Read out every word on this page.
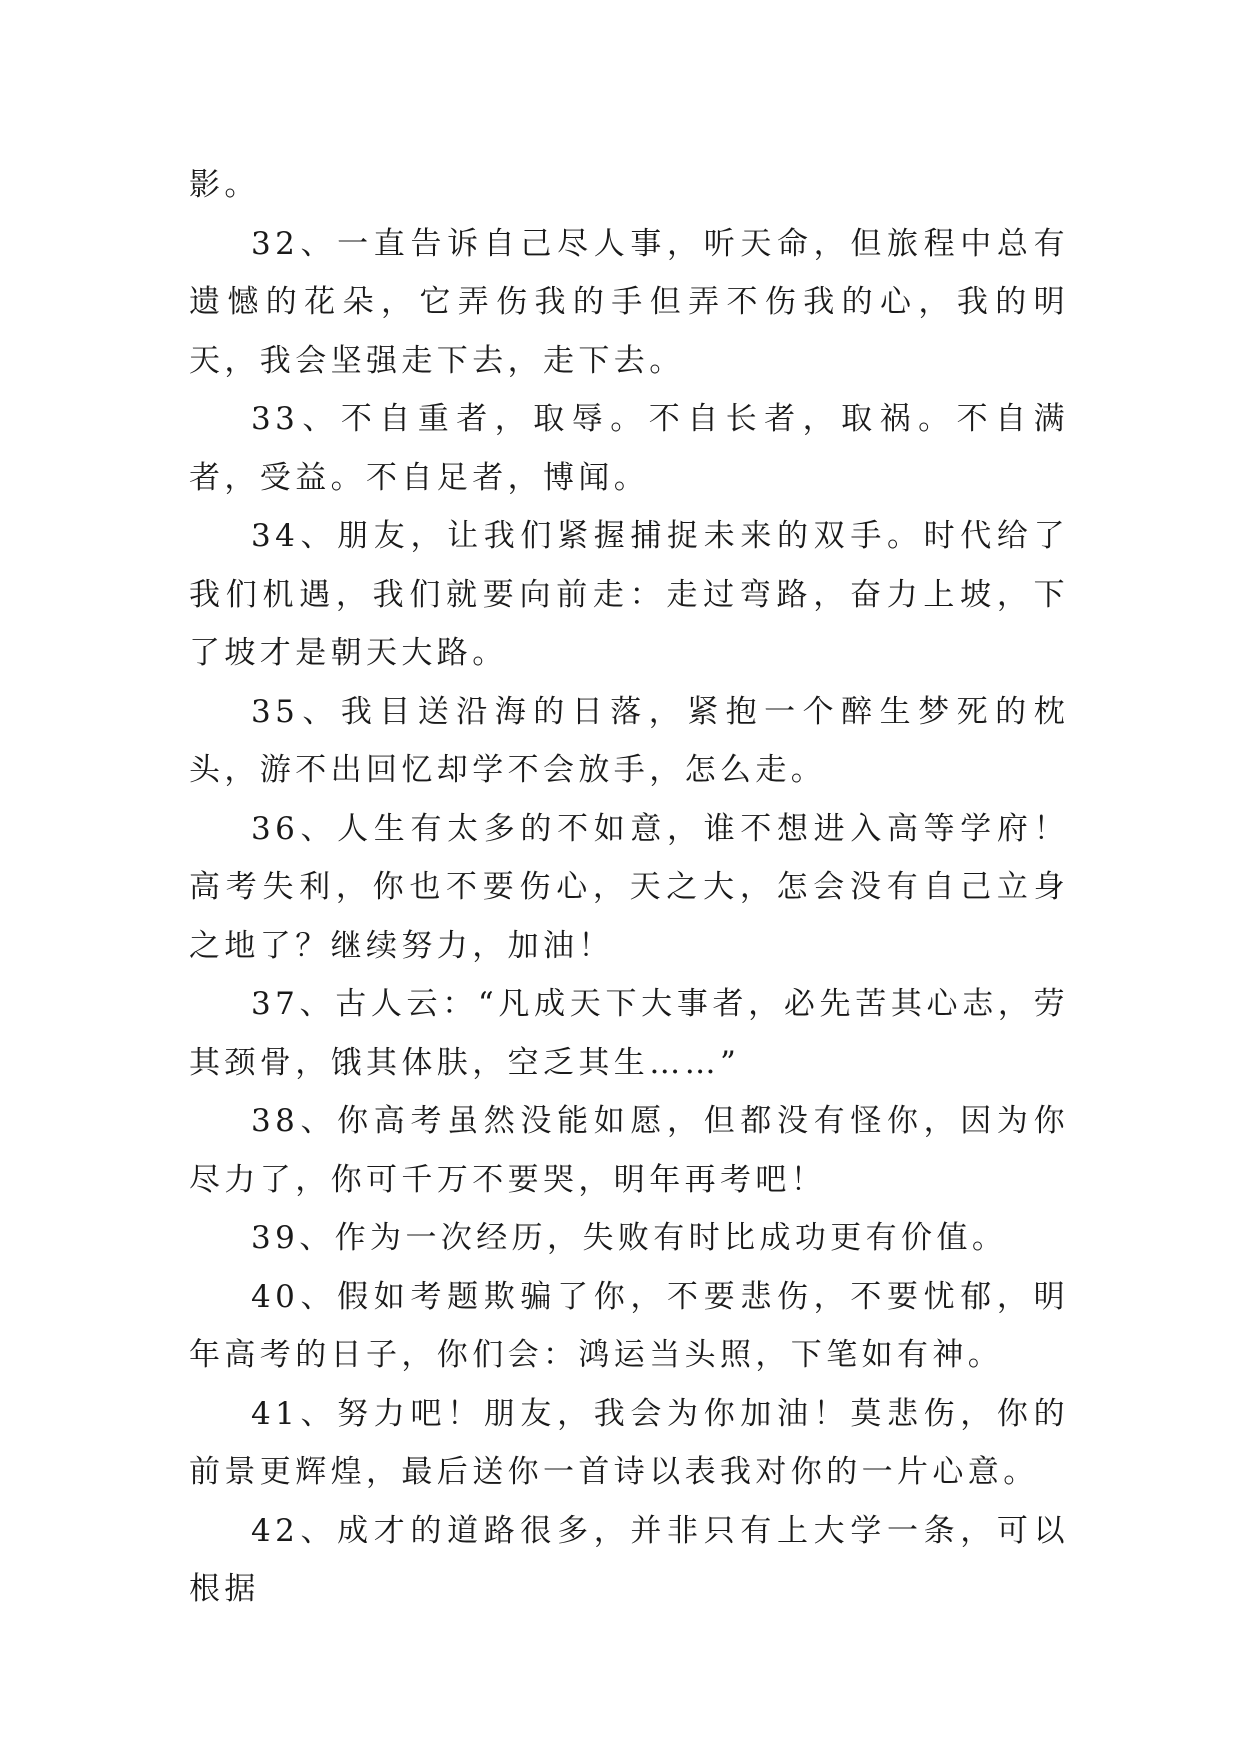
影。

32、一直告诉自己尽人事，听天命，但旅程中总有遗憾的花朵，它弄伤我的手但弄不伤我的心，我的明天，我会坚强走下去，走下去。

33、不自重者，取辱。不自长者，取祸。不自满者，受益。不自足者，博闻。

34、朋友，让我们紧握捕捉未来的双手。时代给了我们机遇，我们就要向前走：走过弯路，奋力上坡，下了坡才是朝天大路。

35、我目送沿海的日落，紧抱一个醉生梦死的枕头，游不出回忆却学不会放手，怎么走。

36、人生有太多的不如意，谁不想进入高等学府！高考失利，你也不要伤心，天之大，怎会没有自己立身之地了？继续努力，加油！

37、古人云：“凡成天下大事者，必先苦其心志，劳其颈骨，饿其体肤，空乏其生……”

38、你高考虽然没能如愿，但都没有怪你，因为你尽力了，你可千万不要哭，明年再考吧！

39、作为一次经历，失败有时比成功更有价值。

40、假如考题欺骗了你，不要悲伤，不要忧郁，明年高考的日子，你们会：鸿运当头照，下笔如有神。

41、努力吧！朋友，我会为你加油！莫悲伤，你的前景更辉煌，最后送你一首诗以表我对你的一片心意。

42、成才的道路很多，并非只有上大学一条，可以根据
